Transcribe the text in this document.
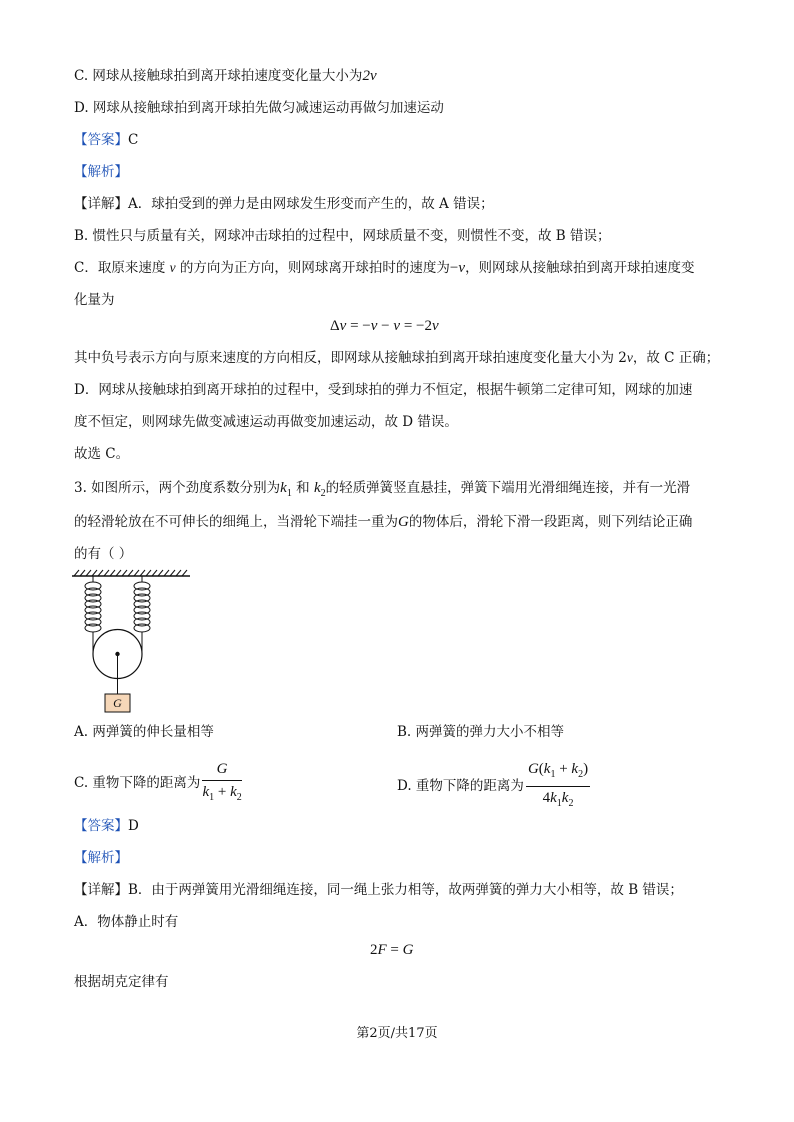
C. 网球从接触球拍到离开球拍速度变化量大小为2v
D. 网球从接触球拍到离开球拍先做匀减速运动再做匀加速运动
【答案】C
【解析】
【详解】A．球拍受到的弹力是由网球发生形变而产生的，故 A 错误；
B. 惯性只与质量有关，网球冲击球拍的过程中，网球质量不变，则惯性不变，故 B 错误；
C．取原来速度 v 的方向为正方向，则网球离开球拍时的速度为−v，则网球从接触球拍到离开球拍速度变
化量为
Δv = −v − v = −2v
其中负号表示方向与原来速度的方向相反，即网球从接触球拍到离开球拍速度变化量大小为 2v，故 C 正确；
D．网球从接触球拍到离开球拍的过程中，受到球拍的弹力不恒定，根据牛顿第二定律可知，网球的加速
度不恒定，则网球先做变减速运动再做变加速运动，故 D 错误。
故选 C。
3. 如图所示，两个劲度系数分别为$k_1$ 和 $k_2$的轻质弹簧竖直悬挂，弹簧下端用光滑细绳连接，并有一光滑
的轻滑轮放在不可伸长的细绳上，当滑轮下端挂一重为G的物体后，滑轮下滑一段距离，则下列结论正确
的有（ ）
G
A. 两弹簧的伸长量相等	B. 两弹簧的弹力大小不相等
C. 重物下降的距离为 $\frac{G}{k_1 + k_2}$	D. 重物下降的距离为 $\frac{G(k_1 + k_2)}{4k_1k_2}$
【答案】D
【解析】
【详解】B．由于两弹簧用光滑细绳连接，同一绳上张力相等，故两弹簧的弹力大小相等，故 B 错误；
A．物体静止时有
2F = G
根据胡克定律有
第2页/共17页
